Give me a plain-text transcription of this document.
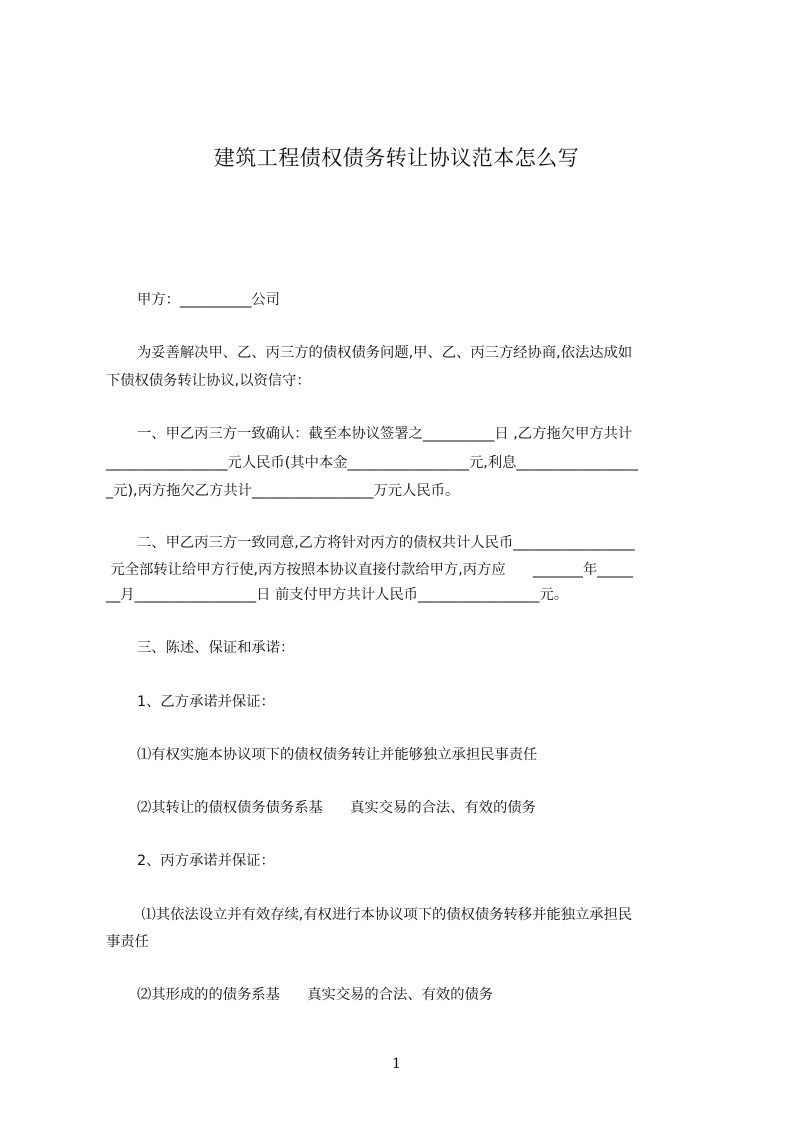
建筑工程债权债务转让协议范本怎么写
甲方：__________公司
为妥善解决甲、乙、丙三方的债权债务问题,甲、乙、丙三方经协商,依法达成如
下债权债务转让协议,以资信守：
一、甲乙丙三方一致确认：截至本协议签署之__________日 ,乙方拖欠甲方共计
_________________元人民币(其中本金_________________元,利息_________________
_元),丙方拖欠乙方共计_________________万元人民币。
二、甲乙丙三方一致同意,乙方将针对丙方的债权共计人民币_________________
元全部转让给甲方行使,丙方按照本协议直接付款给甲方,丙方应      _______年_____
__月_________________日 前支付甲方共计人民币_________________元。
三、陈述、保证和承诺：
1、乙方承诺并保证：
⑴有权实施本协议项下的债权债务转让并能够独立承担民事责任
⑵其转让的债权债务债务系基      真实交易的合法、有效的债务
2、丙方承诺并保证：
⑴其依法设立并有效存续,有权进行本协议项下的债权债务转移并能独立承担民
事责任
⑵其形成的的债务系基      真实交易的合法、有效的债务
1
